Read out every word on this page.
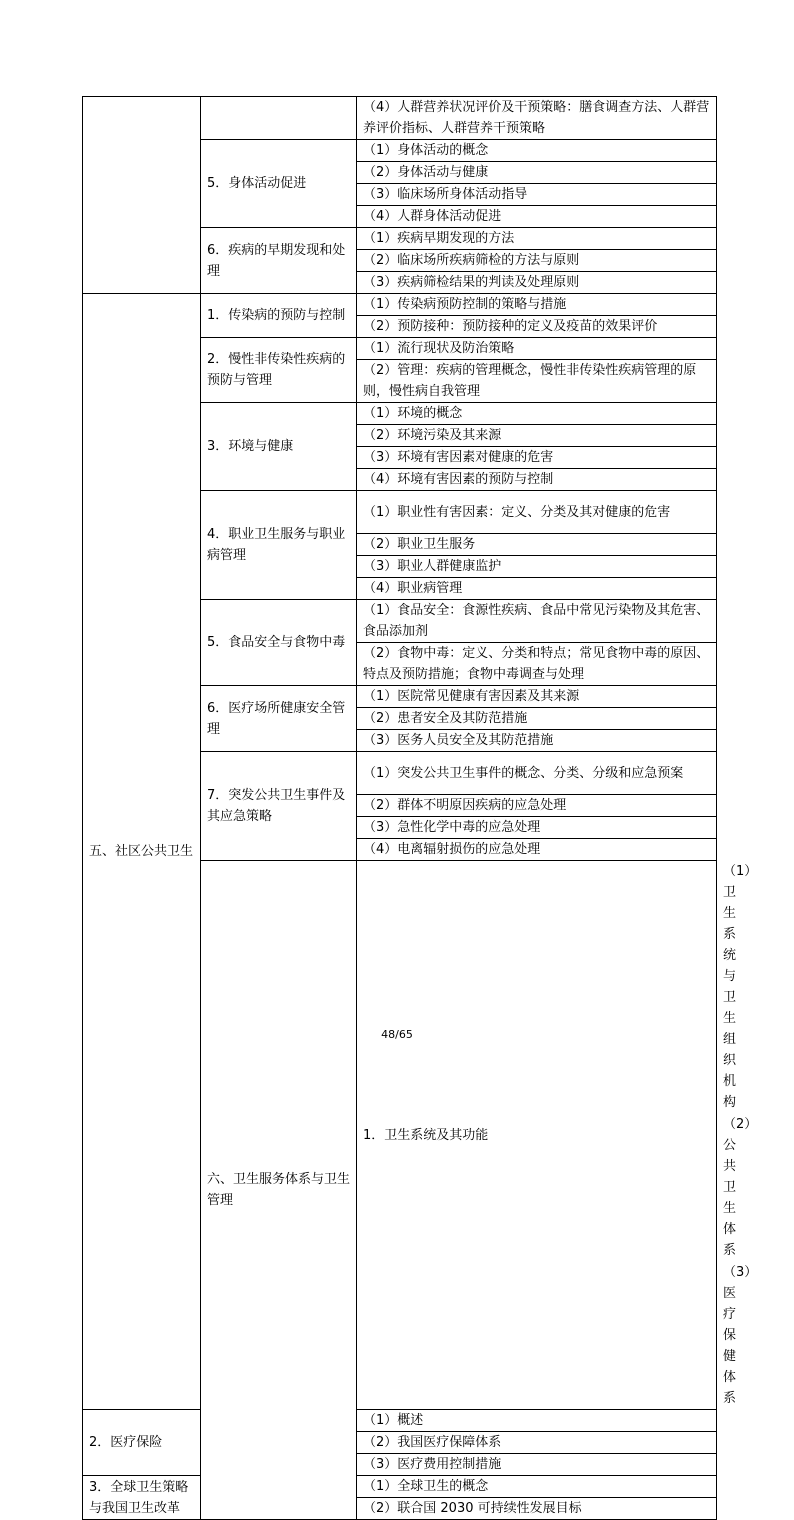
		（4）人群营养状况评价及干预策略：膳食调查方法、人群营养评价指标、人群营养干预策略	
	5．身体活动促进	（1）身体活动的概念	
		（2）身体活动与健康	
		（3）临床场所身体活动指导	
		（4）人群身体活动促进	
	6．疾病的早期发现和处理	（1）疾病早期发现的方法	
		（2）临床场所疾病筛检的方法与原则	
		（3）疾病筛检结果的判读及处理原则	
五、社区公共卫生	1．传染病的预防与控制	（1）传染病预防控制的策略与措施	
		（2）预防接种：预防接种的定义及疫苗的效果评价	
	2．慢性非传染性疾病的预防与管理	（1）流行现状及防治策略	
		（2）管理：疾病的管理概念，慢性非传染性疾病管理的原则，慢性病自我管理	
	3．环境与健康	（1）环境的概念	
		（2）环境污染及其来源	
		（3）环境有害因素对健康的危害	
		（4）环境有害因素的预防与控制	
	4．职业卫生服务与职业病管理	（1）职业性有害因素：定义、分类及其对健康的危害	
		（2）职业卫生服务	
		（3）职业人群健康监护	
		（4）职业病管理	
	5．食品安全与食物中毒	（1）食品安全：食源性疾病、食品中常见污染物及其危害、食品添加剂	
		（2）食物中毒：定义、分类和特点；常见食物中毒的原因、特点及预防措施；食物中毒调查与处理	
	6．医疗场所健康安全管理	（1）医院常见健康有害因素及其来源	
		（2）患者安全及其防范措施	
		（3）医务人员安全及其防范措施	
	7．突发公共卫生事件及其应急策略	（1）突发公共卫生事件的概念、分类、分级和应急预案	
		（2）群体不明原因疾病的应急处理	
		（3）急性化学中毒的应急处理	
		（4）电离辐射损伤的应急处理	
	六、卫生服务体系与卫生管理	1．卫生系统及其功能	（1）卫生系统与卫生组织机构
			（2）公共卫生体系
			（3）医疗保健体系
2．医疗保险		（1）概述	
		（2）我国医疗保障体系	
		（3）医疗费用控制措施	
3．全球卫生策略与我国卫生改革		（1）全球卫生的概念	
		（2）联合国 2030 可持续性发展目标	
48/65
